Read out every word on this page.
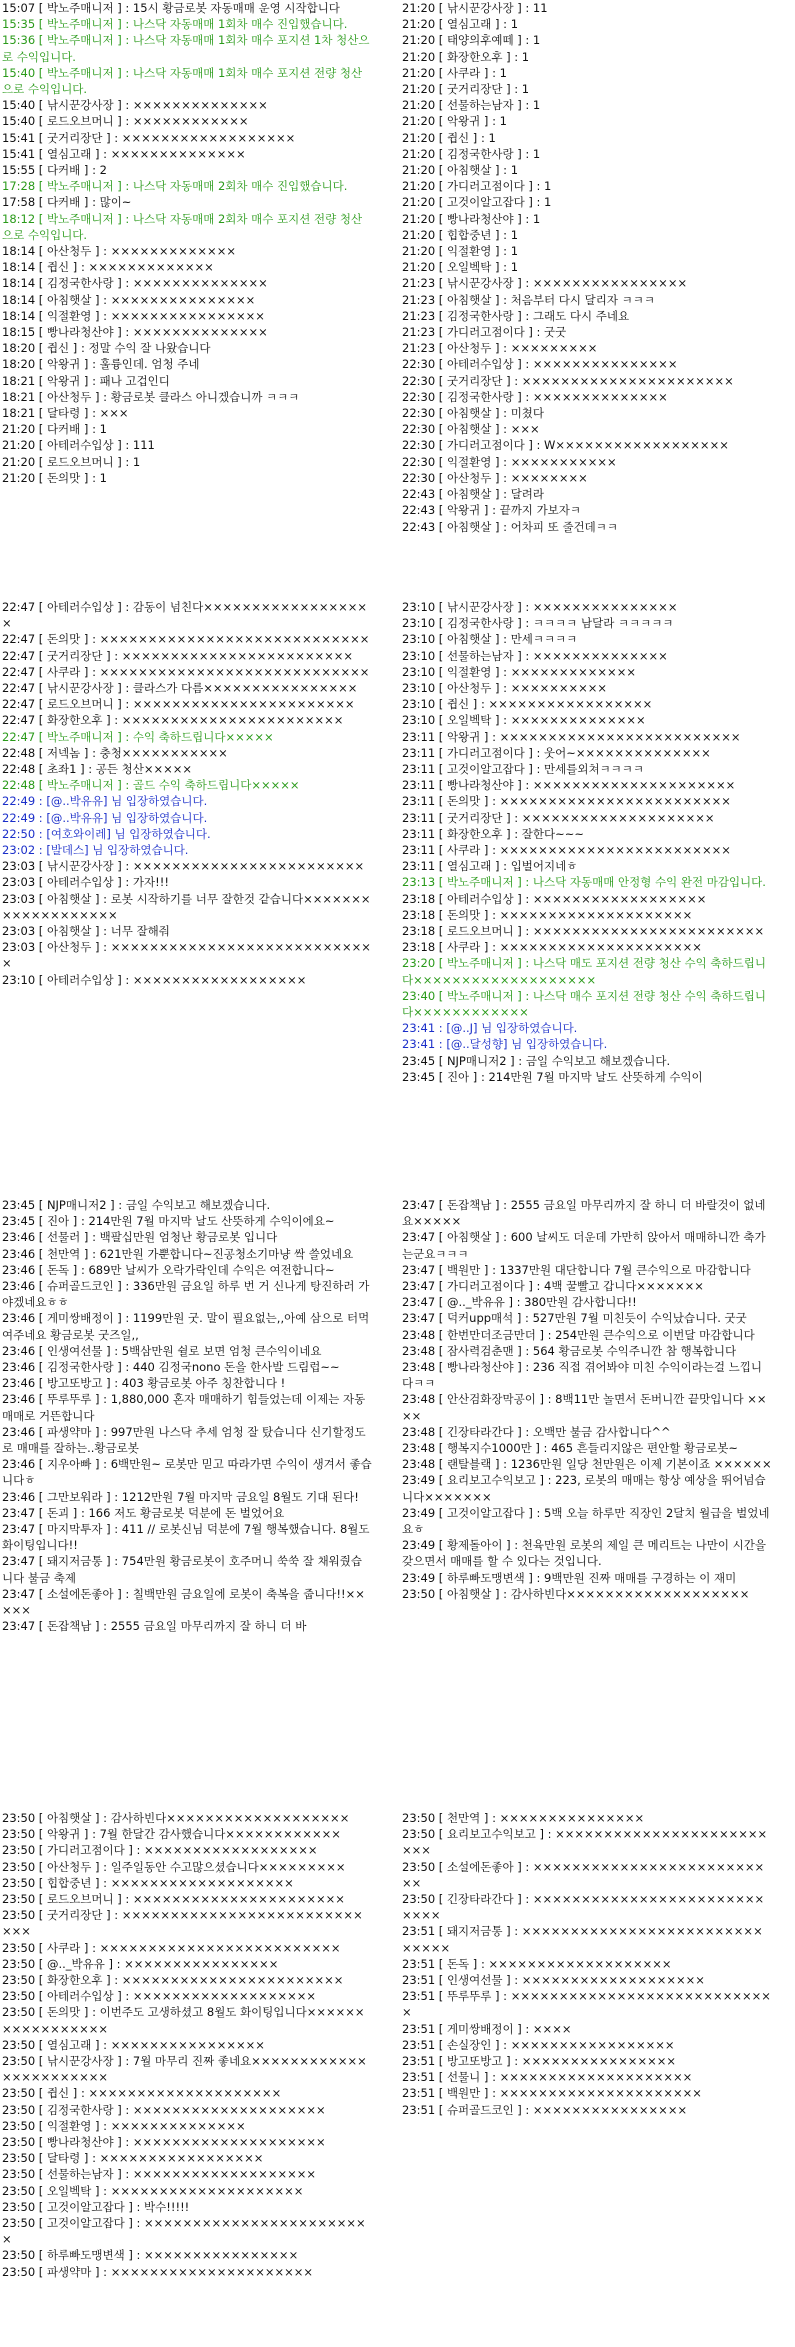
15:07 [ 박노주매니저 ] : 15시 황금로봇 자동매매 운영 시작합니다
15:35 [ 박노주매니저 ] : 나스닥 자동매매 1회차 매수 진입했습니다.
15:36 [ 박노주매니저 ] : 나스닥 자동매매 1회차 매수 포지션 1차 청산으로 수익입니다.
15:40 [ 박노주매니저 ] : 나스닥 자동매매 1회차 매수 포지션 전량 청산으로 수익입니다.
15:40 [ 낚시꾼강사장 ] : ××××××××××××××
15:40 [ 로드오브머니 ] : ××××××××××××
15:41 [ 굿거리장단 ] : ××××××××××××××××××
15:41 [ 열심고래 ] : ××××××××××××××
15:55 [ 다커배 ] : 2
17:28 [ 박노주매니저 ] : 나스닥 자동매매 2회차 매수 진입했습니다.
17:58 [ 다커배 ] : 많이~
18:12 [ 박노주매니저 ] : 나스닥 자동매매 2회차 매수 포지션 전량 청산으로 수익입니다.
18:14 [ 아산청두 ] : ×××××××××××××
18:14 [ 쥡신 ] : ×××××××××××××
18:14 [ 김정국한사랑 ] : ××××××××××××××
18:14 [ 아침햇살 ] : ×××××××××××××××
18:14 [ 익절환영 ] : ××××××××××××××××
18:15 [ 빵나라청산야 ] : ××××××××××××××
18:20 [ 쥡신 ] : 정말 수익 잘 나왔습니다
18:20 [ 악왕귀 ] : 훌륭인데. 엄청 주네
18:21 [ 악왕귀 ] : 패나 고겁인디
18:21 [ 아산청두 ] : 황금로봇 클라스 아니겠습니까 ㅋㅋㅋ
18:21 [ 달타령 ] : ×××
21:20 [ 다커배 ] : 1
21:20 [ 아테러수입상 ] : 111
21:20 [ 로드오브머니 ] : 1
21:20 [ 돈의맛 ] : 1
21:20 [ 낚시꾼강사장 ] : 11
21:20 [ 열심고래 ] : 1
21:20 [ 태양의후예떼 ] : 1
21:20 [ 화장한오후 ] : 1
21:20 [ 사쿠라 ] : 1
21:20 [ 굿거리장단 ] : 1
21:20 [ 선물하는남자 ] : 1
21:20 [ 악왕귀 ] : 1
21:20 [ 쥡신 ] : 1
21:20 [ 김정국한사랑 ] : 1
21:20 [ 아침햇살 ] : 1
21:20 [ 가디러고점이다 ] : 1
21:20 [ 고것이알고잡다 ] : 1
21:20 [ 빵나라청산야 ] : 1
21:20 [ 힙합중년 ] : 1
21:20 [ 익절환영 ] : 1
21:20 [ 오일벡탁 ] : 1
21:23 [ 낚시꾼강사장 ] : ××××××××××××××××
21:23 [ 아침햇살 ] : 처음부터 다시 달리자 ㅋㅋㅋ
21:23 [ 김정국한사랑 ] : 그래도 다시 주네요
21:23 [ 가디러고점이다 ] : 굿굿
21:23 [ 아산청두 ] : ×××××××××
22:30 [ 아테러수입상 ] : ×××××××××××××××
22:30 [ 굿거리장단 ] : ××××××××××××××××××××××
22:30 [ 김정국한사랑 ] : ××××××××××××××
22:30 [ 아침햇살 ] : 미쳤다
22:30 [ 아침햇살 ] : ×××
22:30 [ 가디러고점이다 ] : W××××××××××××××××××
22:30 [ 익절환영 ] : ×××××××××××
22:30 [ 아산청두 ] : ××××××××
22:43 [ 아침햇살 ] : 달려라
22:43 [ 악왕귀 ] : 끝까지 가보자ㅋ
22:43 [ 아침햇살 ] : 어차피 또 줄건데ㅋㅋ
22:47 [ 아테러수입상 ] : 감동이 넘친다××××××××××××××××××
22:47 [ 돈의맛 ] : ××××××××××××××××××××××××××××
22:47 [ 굿거리장단 ] : ××××××××××××××××××××××××
22:47 [ 사쿠라 ] : ××××××××××××××××××××××××××××
22:47 [ 낚시꾼강사장 ] : 클라스가 다름××××××××××××××××
22:47 [ 로드오브머니 ] : ×××××××××××××××××××××××
22:47 [ 화장한오후 ] : ×××××××××××××××××××××××
22:47 [ 박노주매니저 ] : 수익 축하드립니다×××××
22:48 [ 저넥놈 ] : 충청×××××××××××
22:48 [ 초좌1 ] : 공든 청산×××××
22:48 [ 박노주매니저 ] : 골드 수익 축하드립니다×××××
22:49 : [@..박유유] 님 입장하였습니다.
22:49 : [@..박유유] 님 입장하였습니다.
22:50 : [여호와이레] 님 입장하였습니다.
23:02 : [발데스] 님 입장하였습니다.
23:03 [ 낚시꾼강사장 ] : ××××××××××××××××××××××××
23:03 [ 아테러수입상 ] : 가자!!!
23:03 [ 아침햇살 ] : 로봇 시작하기를 너무 잘한것 같습니다×××××××××××××××××××
23:03 [ 아침햇살 ] : 너무 잘해줘
23:03 [ 아산청두 ] : ××××××××××××××××××××××××××××
23:10 [ 아테러수입상 ] : ××××××××××××××××××
23:10 [ 낚시꾼강사장 ] : ×××××××××××××××
23:10 [ 김정국한사랑 ] : ㅋㅋㅋㅋ 남달라 ㅋㅋㅋㅋㅋ
23:10 [ 아침햇살 ] : 만세ㅋㅋㅋㅋ
23:10 [ 선물하는남자 ] : ××××××××××××××
23:10 [ 익절환영 ] : ×××××××××××××
23:10 [ 아산청두 ] : ××××××××××
23:10 [ 쥡신 ] : ×××××××××××××××××
23:10 [ 오일벡탁 ] : ××××××××××××××
23:11 [ 악왕귀 ] : ×××××××××××××××××××××××××
23:11 [ 가디러고점이다 ] : 웃어~××××××××××××××
23:11 [ 고것이알고잡다 ] : 만세를외쳐ㅋㅋㅋㅋ
23:11 [ 빵나라청산야 ] : ×××××××××××××××××××××
23:11 [ 돈의맛 ] : ××××××××××××××××××××××××
23:11 [ 굿거리장단 ] : ××××××××××××××××××××
23:11 [ 화장한오후 ] : 잘한다~~~
23:11 [ 사쿠라 ] : ××××××××××××××××××××××××
23:11 [ 열심고래 ] : 입벌어지네ㅎ
23:13 [ 박노주매니저 ] : 나스닥 자동매매 안정형 수익 완전 마감입니다.
23:18 [ 아테러수입상 ] : ××××××××××××××××××
23:18 [ 돈의맛 ] : ××××××××××××××××××××
23:18 [ 로드오브머니 ] : ××××××××××××××××××××××××
23:18 [ 사쿠라 ] : ×××××××××××××××××××××
23:20 [ 박노주매니저 ] : 나스닥 매도 포지션 전량 청산 수익 축하드립니다×××××××××××××××××××
23:40 [ 박노주매니저 ] : 나스닥 매수 포지션 전량 청산 수익 축하드립니다××××××××××××
23:41 : [@..J] 님 입장하였습니다.
23:41 : [@..달성향] 님 입장하였습니다.
23:45 [ NJP매니저2 ] : 금일 수익보고 해보겠습니다.
23:45 [ 진아 ] : 214만원 7월 마지막 날도 산뜻하게 수익이
23:45 [ NJP매니저2 ] : 금일 수익보고 해보겠습니다.
23:45 [ 진아 ] : 214만원 7월 마지막 날도 산뜻하게 수익이에요~
23:46 [ 선물러 ] : 백팔십만원 엄청난 황금로봇 입니다
23:46 [ 천만역 ] : 621만원 가뿐합니다~진공청소기마냥 싹 쓸었네요
23:46 [ 돈독 ] : 689만 날씨가 오락가락인데 수익은 여전합니다~
23:46 [ 슈퍼골드코인 ] : 336만원 금요일 하루 번 거 신나게 탕진하러 가야겠네요ㅎㅎ
23:46 [ 게미쌍배정이 ] : 1199만원 굿. 말이 필요없는,,아예 삼으로 터먹여주네요 황금로봇 굿즈일,,
23:46 [ 인생여선물 ] : 5백삼만원 쉴로 보면 엄청 큰수익이네요
23:46 [ 김정국한사랑 ] : 440 김정국nono 돈을 한사발 드림럽~~
23:46 [ 방고또방고 ] : 403 황금로봇 아주 칭찬합니다 !
23:46 [ 뚜루뚜루 ] : 1,880,000 혼자 매매하기 힘들었는데 이제는 자동매매로 거뜬합니다
23:46 [ 파생약마 ] : 997만원 나스닥 추세 엄청 잘 탔습니다 신기할정도로 매매를 잘하는..황금로봇
23:46 [ 지우아빠 ] : 6백만원~ 로봇만 믿고 따라가면 수익이 생겨서 좋습니다ㅎ
23:46 [ 그만보워라 ] : 1212만원 7월 마지막 금요일 8월도 기대 된다!
23:47 [ 돈괴 ] : 166 저도 황금로봇 덕분에 돈 벌었어요
23:47 [ 마지막투자 ] : 411 // 로봇신님 덕분에 7월 행복했습니다. 8월도 화이팅입니다!!
23:47 [ 돼지저금통 ] : 754만원 황금로봇이 호주머니 쑥쑥 잘 채워줬습니다 불금 축제
23:47 [ 소설에돈좋아 ] : 칠백만원 금요일에 로봇이 축복을 줍니다!!×××××
23:47 [ 돈잡책남 ] : 2555 금요일 마무리까지 잘 하니 더 바
23:47 [ 돈잡책남 ] : 2555 금요일 마무리까지 잘 하니 더 바랄것이 없네요×××××
23:47 [ 아침햇살 ] : 600 날씨도 더운데 가만히 앉아서 매매하니깐 축가는군요ㅋㅋㅋ
23:47 [ 백원만 ] : 1337만원 대단합니다 7월 큰수익으로 마감합니다
23:47 [ 가디러고점이다 ] : 4백 꿀빨고 갑니다×××××××
23:47 [ @.._박유유 ] : 380만원 감사합니다!!
23:47 [ 덕커upp매석 ] : 527만원 7월 미친듯이 수익났습니다. 굿굿
23:48 [ 한번만더조금만더 ] : 254만원 큰수익으로 이번달 마감합니다
23:48 [ 잠사력검춘맨 ] : 564 황금로봇 수익주니깐 참 행복합니다
23:48 [ 빵나라청산야 ] : 236 직접 겪어봐야 미친 수익이라는걸 느낍니다ㅋㅋ
23:48 [ 안산검화장막공이 ] : 8백11만 놀면서 돈버니깐 끝맛입니다 ××××
23:48 [ 긴장타라간다 ] : 오백만 불금 감사합니다^^
23:48 [ 행복지수1000만 ] : 465 흔들리지않은 편안할 황금로봇~
23:48 [ 랜탈블랙 ] : 1236만원 일당 천만원은 이제 기본이죠 ××××××
23:49 [ 요리보고수익보고 ] : 223, 로봇의 매매는 항상 예상을 뛰어넘습니다×××××××
23:49 [ 고것이알고잡다 ] : 5백 오늘 하루만 직장인 2달치 월급을 벌었네요ㅎ
23:49 [ 황제돌아이 ] : 천육만원 로봇의 제일 큰 메리트는 나만이 시간을 갖으면서 매매를 할 수 있다는 것입니다.
23:49 [ 하루빠도맹변색 ] : 9백만원 진짜 매매를 구경하는 이 재미
23:50 [ 아침햇살 ] : 감사하빈다×××××××××××××××××××
23:50 [ 아침햇살 ] : 감사하빈다×××××××××××××××××××
23:50 [ 악왕귀 ] : 7월 한달간 감사했습니다××××××××××××
23:50 [ 가디러고점이다 ] : ××××××××××××××××××
23:50 [ 아산청두 ] : 일주일동안 수고많으셨습니다×××××××××
23:50 [ 힙합중년 ] : ×××××××××××××××××××
23:50 [ 로드오브머니 ] : ××××××××××××××××××××××
23:50 [ 굿거리장단 ] : ××××××××××××××××××××××××××××
23:50 [ 사쿠라 ] : ×××××××××××××××××××××××××
23:50 [ @.._박유유 ] : ××××××××××××××××
23:50 [ 화장한오후 ] : ×××××××××××××××××××××××
23:50 [ 아테러수입상 ] : ×××××××××××××××××××
23:50 [ 돈의맛 ] : 이번주도 고생하셨고 8월도 화이팅입니다×××××××××××××××××
23:50 [ 열심고래 ] : ××××××××××××××××
23:50 [ 낚시꾼강사장 ] : 7월 마무리 진짜 좋네요×××××××××××××××××××××××
23:50 [ 쥡신 ] : ××××××××××××××××××××
23:50 [ 김정국한사랑 ] : ××××××××××××××××××××
23:50 [ 익절환영 ] : ××××××××××××××
23:50 [ 빵나라청산야 ] : ××××××××××××××××××××
23:50 [ 달타령 ] : ×××××××××××××××××
23:50 [ 선물하는남자 ] : ×××××××××××××××××××
23:50 [ 오일벡탁 ] : ××××××××××××××××××××
23:50 [ 고것이알고잡다 ] : 박수!!!!!
23:50 [ 고것이알고잡다 ] : ××××××××××××××××××××××××
23:50 [ 하루빠도맹변색 ] : ××××××××××××××××
23:50 [ 파생약마 ] : ×××××××××××××××××××××
23:50 [ 천만역 ] : ×××××××××××××××
23:50 [ 요리보고수익보고 ] : ×××××××××××××××××××××××××
23:50 [ 소설에돈좋아 ] : ××××××××××××××××××××××××××
23:50 [ 긴장타라간다 ] : ××××××××××××××××××××××××××××
23:51 [ 돼지저금통 ] : ××××××××××××××××××××××××××××××
23:51 [ 돈독 ] : ×××××××××××××××××××
23:51 [ 인생여선물 ] : ×××××××××××××××××××
23:51 [ 뚜루뚜루 ] : ××××××××××××××××××××××××××××
23:51 [ 게미쌍배정이 ] : ××××
23:51 [ 손실장인 ] : ×××××××××××××××××
23:51 [ 방고또방고 ] : ××××××××××××××××
23:51 [ 선물니 ] : ××××××××××××××××××××
23:51 [ 백원만 ] : ×××××××××××××××××××××
23:51 [ 슈퍼골드코인 ] : ××××××××××××××××
